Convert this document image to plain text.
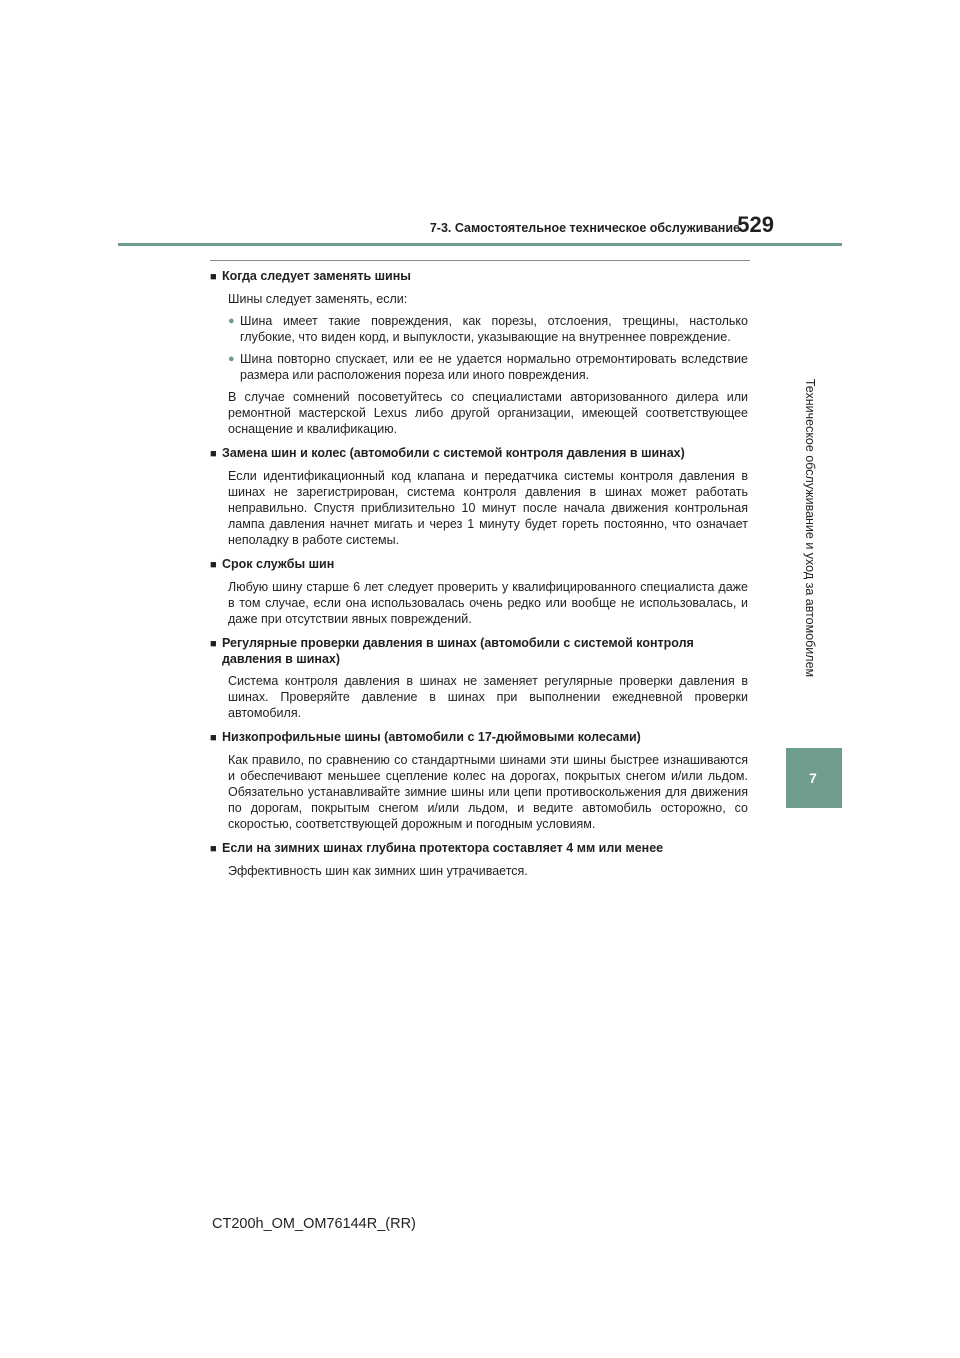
7-3. Самостоятельное техническое обслуживание
529
Техническое обслуживание и уход за автомобилем
7
■ Когда следует заменять шины
Шины следует заменять, если:
● Шина имеет такие повреждения, как порезы, отслоения, трещины, настолько глубокие, что виден корд, и выпуклости, указывающие на внутреннее повреждение.
● Шина повторно спускает, или ее не удается нормально отремонтировать вследствие размера или расположения пореза или иного повреждения.
В случае сомнений посоветуйтесь со специалистами авторизованного дилера или ремонтной мастерской Lexus либо другой организации, имеющей соответствующее оснащение и квалификацию.
■ Замена шин и колес (автомобили с системой контроля давления в шинах)
Если идентификационный код клапана и передатчика системы контроля давления в шинах не зарегистрирован, система контроля давления в шинах может работать неправильно. Спустя приблизительно 10 минут после начала движения контрольная лампа давления начнет мигать и через 1 минуту будет гореть постоянно, что означает неполадку в работе системы.
■ Срок службы шин
Любую шину старше 6 лет следует проверить у квалифицированного специалиста даже в том случае, если она использовалась очень редко или вообще не использовалась, и даже при отсутствии явных повреждений.
■ Регулярные проверки давления в шинах (автомобили с системой контроля давления в шинах)
Система контроля давления в шинах не заменяет регулярные проверки давления в шинах. Проверяйте давление в шинах при выполнении ежедневной проверки автомобиля.
■ Низкопрофильные шины (автомобили с 17-дюймовыми колесами)
Как правило, по сравнению со стандартными шинами эти шины быстрее изнашиваются и обеспечивают меньшее сцепление колес на дорогах, покрытых снегом и/или льдом. Обязательно устанавливайте зимние шины или цепи противоскольжения для движения по дорогам, покрытым снегом и/или льдом, и ведите автомобиль осторожно, со скоростью, соответствующей дорожным и погодным условиям.
■ Если на зимних шинах глубина протектора составляет 4 мм или менее
Эффективность шин как зимних шин утрачивается.
CT200h_OM_OM76144R_(RR)
